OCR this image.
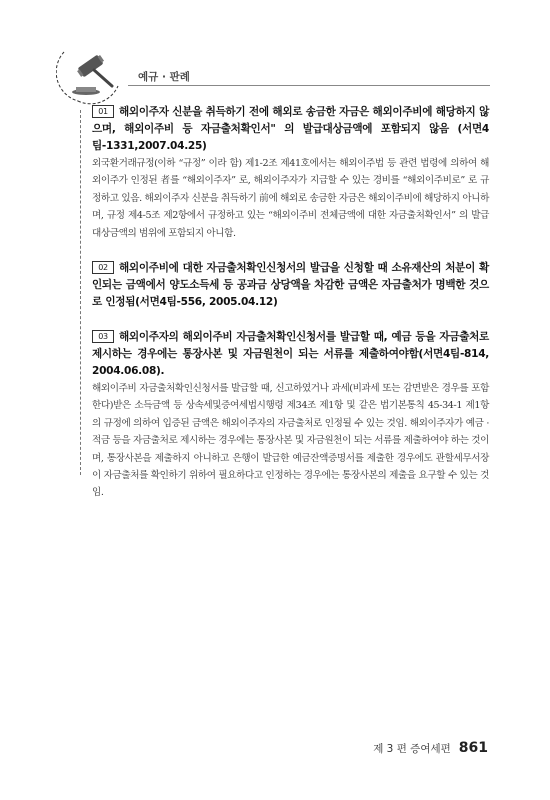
예규 · 판례
01 해외이주자 신분을 취득하기 전에 해외로 송금한 자금은 해외이주비에 해당하지 않으며, 해외이주비 등 자금출처확인서" 의 발급대상금액에 포함되지 않음 (서면4팀-1331,2007.04.25)
외국환거래규정(이하 “규정” 이라 함) 제1-2조 제41호에서는 해외이주법 등 관련 법령에 의하여 해외이주가 인정된 者를 “해외이주자” 로, 해외이주자가 지급할 수 있는 경비를 “해외이주비로” 로 규정하고 있음. 해외이주자 신분을 취득하기 前에 해외로 송금한 자금은 해외이주비에 해당하지 아니하며, 규정 제4-5조 제2항에서 규정하고 있는 “해외이주비 전체금액에 대한 자금출처확인서” 의 발급대상금액의 범위에 포함되지 아니함.
02 해외이주비에 대한 자금출처확인신청서의 발급을 신청할 때 소유재산의 처분이 확인되는 금액에서 양도소득세 등 공과금 상당액을 차감한 금액은 자금출처가 명백한 것으로 인정됨(서면4팀-556, 2005.04.12)
03 해외이주자의 해외이주비 자금출처확인신청서를 발급할 때, 예금 등을 자금출처로 제시하는 경우에는 통장사본 및 자금원천이 되는 서류를 제출하여야함(서면4팀-814, 2004.06.08).
해외이주비 자금출처확인신청서를 발급할 때, 신고하였거나 과세(비과세 또는 감면받은 경우를 포함한다)받은 소득금액 등 상속세및증여세법시행령 제34조 제1항 및 같은 법기본통칙 45-34-1 제1항의 규정에 의하여 입증된 금액은 해외이주자의 자금출처로 인정될 수 있는 것임. 해외이주자가 예금 · 적금 등을 자금출처로 제시하는 경우에는 통장사본 및 자금원천이 되는 서류를 제출하여야 하는 것이며, 통장사본을 제출하지 아니하고 은행이 발급한 예금잔액증명서를 제출한 경우에도 관할세무서장이 자금출처를 확인하기 위하여 필요하다고 인정하는 경우에는 통장사본의 제출을 요구할 수 있는 것임.
제 3 편 증여세편 861
